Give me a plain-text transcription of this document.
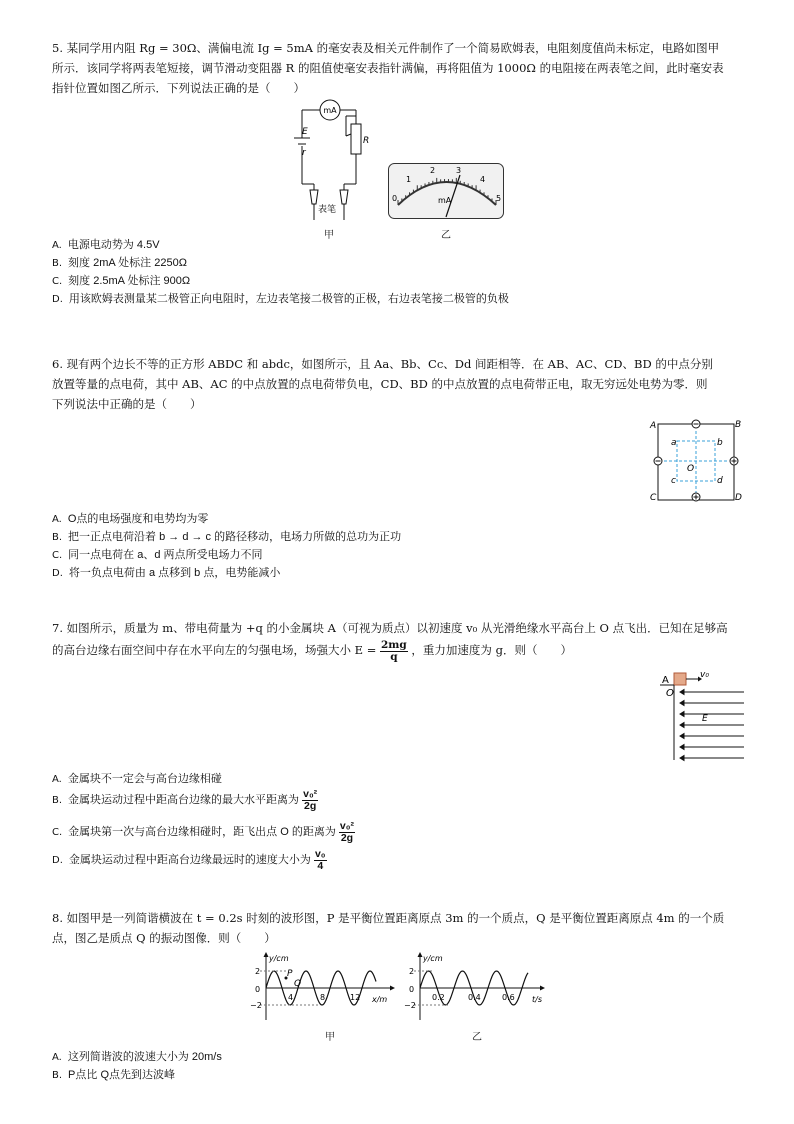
5. 某同学用内阻 Rg = 30Ω、满偏电流 Ig = 5mA 的毫安表及相关元件制作了一个简易欧姆表，电阻刻度值尚未标定，电路如图甲
所示．该同学将两表笔短接，调节滑动变阻器 R 的阻值使毫安表指针满偏，再将阻值为 1000Ω 的电阻接在两表笔之间，此时毫安表
指针位置如图乙所示．下列说法正确的是（　　）
mA
E
r
R
表笔
甲
0
1
2	3
4
5
mA
乙
A. 电源电动势为 4.5V
B. 刻度 2mA 处标注 2250Ω
C. 刻度 2.5mA 处标注 900Ω
D. 用该欧姆表测量某二极管正向电阻时，左边表笔接二极管的正极，右边表笔接二极管的负极
6. 现有两个边长不等的正方形 ABDC 和 abdc，如图所示，且 Aa、Bb、Cc、Dd 间距相等．在 AB、AC、CD、BD 的中点分别
放置等量的点电荷，其中 AB、AC 的中点放置的点电荷带负电，CD、BD 的中点放置的点电荷带正电，取无穷远处电势为零．则
下列说法中正确的是（　　）
A	B
C	D
a	b
c	d
O
A. O点的电场强度和电势均为零
B. 把一正点电荷沿着 b → d → c 的路径移动，电场力所做的总功为正功
C. 同一点电荷在 a、d 两点所受电场力不同
D. 将一负点电荷由 a 点移到 b 点，电势能减小
7. 如图所示，质量为 m、带电荷量为 +q 的小金属块 A（可视为质点）以初速度 v₀ 从光滑绝缘水平高台上 O 点飞出．已知在足够高
的高台边缘右面空间中存在水平向左的匀强电场，场强大小 $E = \frac{2mg}{q}$ ，重力加速度为 g．则（　　）
A
O
v₀
E
A. 金属块不一定会与高台边缘相碰
B. 金属块运动过程中距高台边缘的最大水平距离为 $\frac{\text{v₀²}}{2g}$
C. 金属块第一次与高台边缘相碰时，距飞出点 O 的距离为 $\frac{\text{v₀²}}{2g}$
D. 金属块运动过程中距高台边缘最远时的速度大小为 $\frac{\text{v₀}}{4}$
8. 如图甲是一列简谐横波在 t = 0.2s 时刻的波形图，P 是平衡位置距离原点 3m 的一个质点，Q 是平衡位置距离原点 4m 的一个质
点，图乙是质点 Q 的振动图像．则（　　）
y/cm
x/m
2
0
−2
4	8	12
P
Q
甲
y/cm
t/s
2
0
−2
0.2	0.4	0.6
乙
A. 这列简谐波的波速大小为 20m/s
B. P点比 Q点先到达波峰
